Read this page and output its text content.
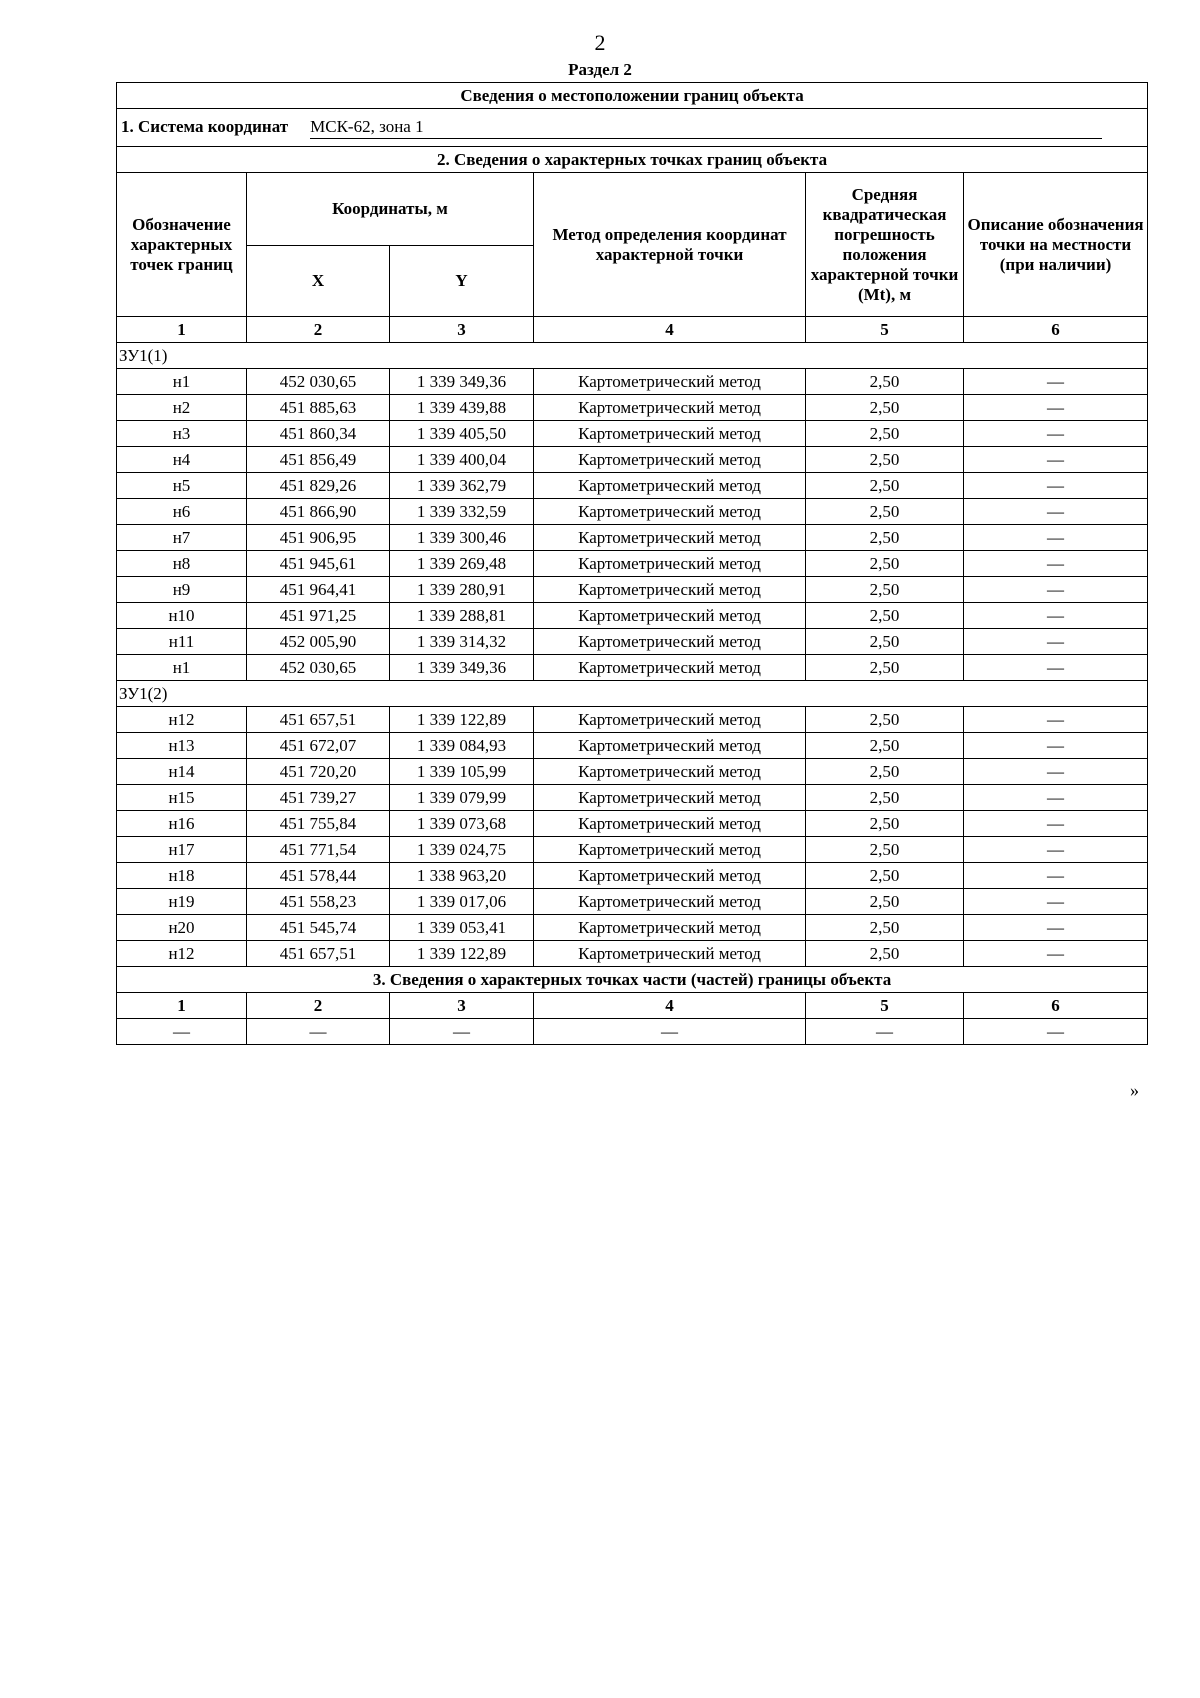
2
Раздел 2
Сведения о местоположении границ объекта					
1. Система координат МСК-62, зона 1					
2. Сведения о характерных точках границ объекта					
Обозначение характерных точек границ	Координаты, м		Метод определения координат характерной точки	Средняя квадратическая погрешность положения характерной точки (Mt), м	Описание обозначения точки на местности (при наличии)
	X	Y			
1	2	3	4	5	6
ЗУ1(1)					
н1	452 030,65	1 339 349,36	Картометрический метод	2,50	—
н2	451 885,63	1 339 439,88	Картометрический метод	2,50	—
н3	451 860,34	1 339 405,50	Картометрический метод	2,50	—
н4	451 856,49	1 339 400,04	Картометрический метод	2,50	—
н5	451 829,26	1 339 362,79	Картометрический метод	2,50	—
н6	451 866,90	1 339 332,59	Картометрический метод	2,50	—
н7	451 906,95	1 339 300,46	Картометрический метод	2,50	—
н8	451 945,61	1 339 269,48	Картометрический метод	2,50	—
н9	451 964,41	1 339 280,91	Картометрический метод	2,50	—
н10	451 971,25	1 339 288,81	Картометрический метод	2,50	—
н11	452 005,90	1 339 314,32	Картометрический метод	2,50	—
н1	452 030,65	1 339 349,36	Картометрический метод	2,50	—
ЗУ1(2)					
н12	451 657,51	1 339 122,89	Картометрический метод	2,50	—
н13	451 672,07	1 339 084,93	Картометрический метод	2,50	—
н14	451 720,20	1 339 105,99	Картометрический метод	2,50	—
н15	451 739,27	1 339 079,99	Картометрический метод	2,50	—
н16	451 755,84	1 339 073,68	Картометрический метод	2,50	—
н17	451 771,54	1 339 024,75	Картометрический метод	2,50	—
н18	451 578,44	1 338 963,20	Картометрический метод	2,50	—
н19	451 558,23	1 339 017,06	Картометрический метод	2,50	—
н20	451 545,74	1 339 053,41	Картометрический метод	2,50	—
н12	451 657,51	1 339 122,89	Картометрический метод	2,50	—
3. Сведения о характерных точках части (частей) границы объекта					
1	2	3	4	5	6
—	—	—	—	—	—
»
